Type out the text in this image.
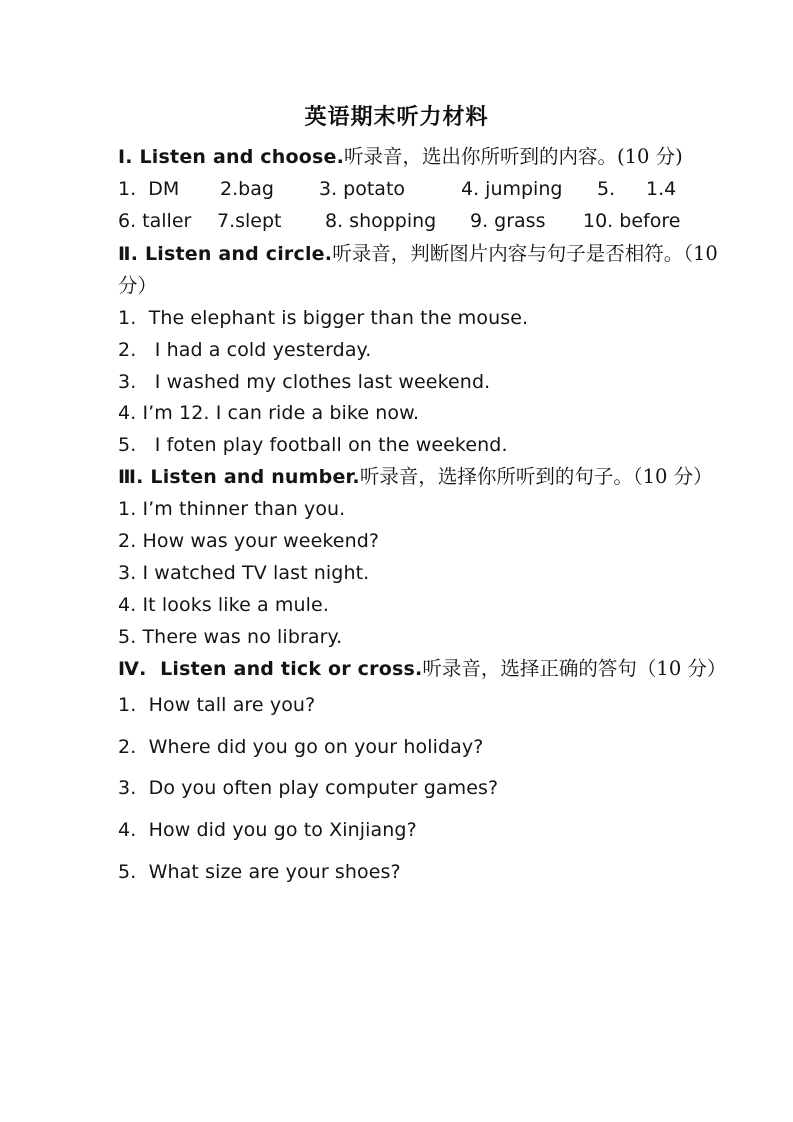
英语期末听力材料
Ⅰ. Listen and choose.听录音，选出你所听到的内容。(10 分)

1.  DM

2.bag

3. potato

	4. jumping

5.

1.4

6. taller

7.slept

8. shopping

9. grass

10. before

Ⅱ. Listen and circle.听录音，判断图片内容与句子是否相符。（10
分）
1.  The elephant is bigger than the mouse.
2.   I had a cold yesterday.
3.   I washed my clothes last weekend.
4. I’m 12. I can ride a bike now.
5.   I foten play football on the weekend.
Ⅲ. Listen and number.听录音，选择你所听到的句子。（10 分）
1. I’m thinner than you.
2. How was your weekend?
3. I watched TV last night.
4. It looks like a mule.
5. There was no library.
Ⅳ.  Listen and tick or cross.听录音，选择正确的答句（10 分）
1.  How tall are you?
2.  Where did you go on your holiday?
3.  Do you often play computer games?
4.  How did you go to Xinjiang?
5.  What size are your shoes?
